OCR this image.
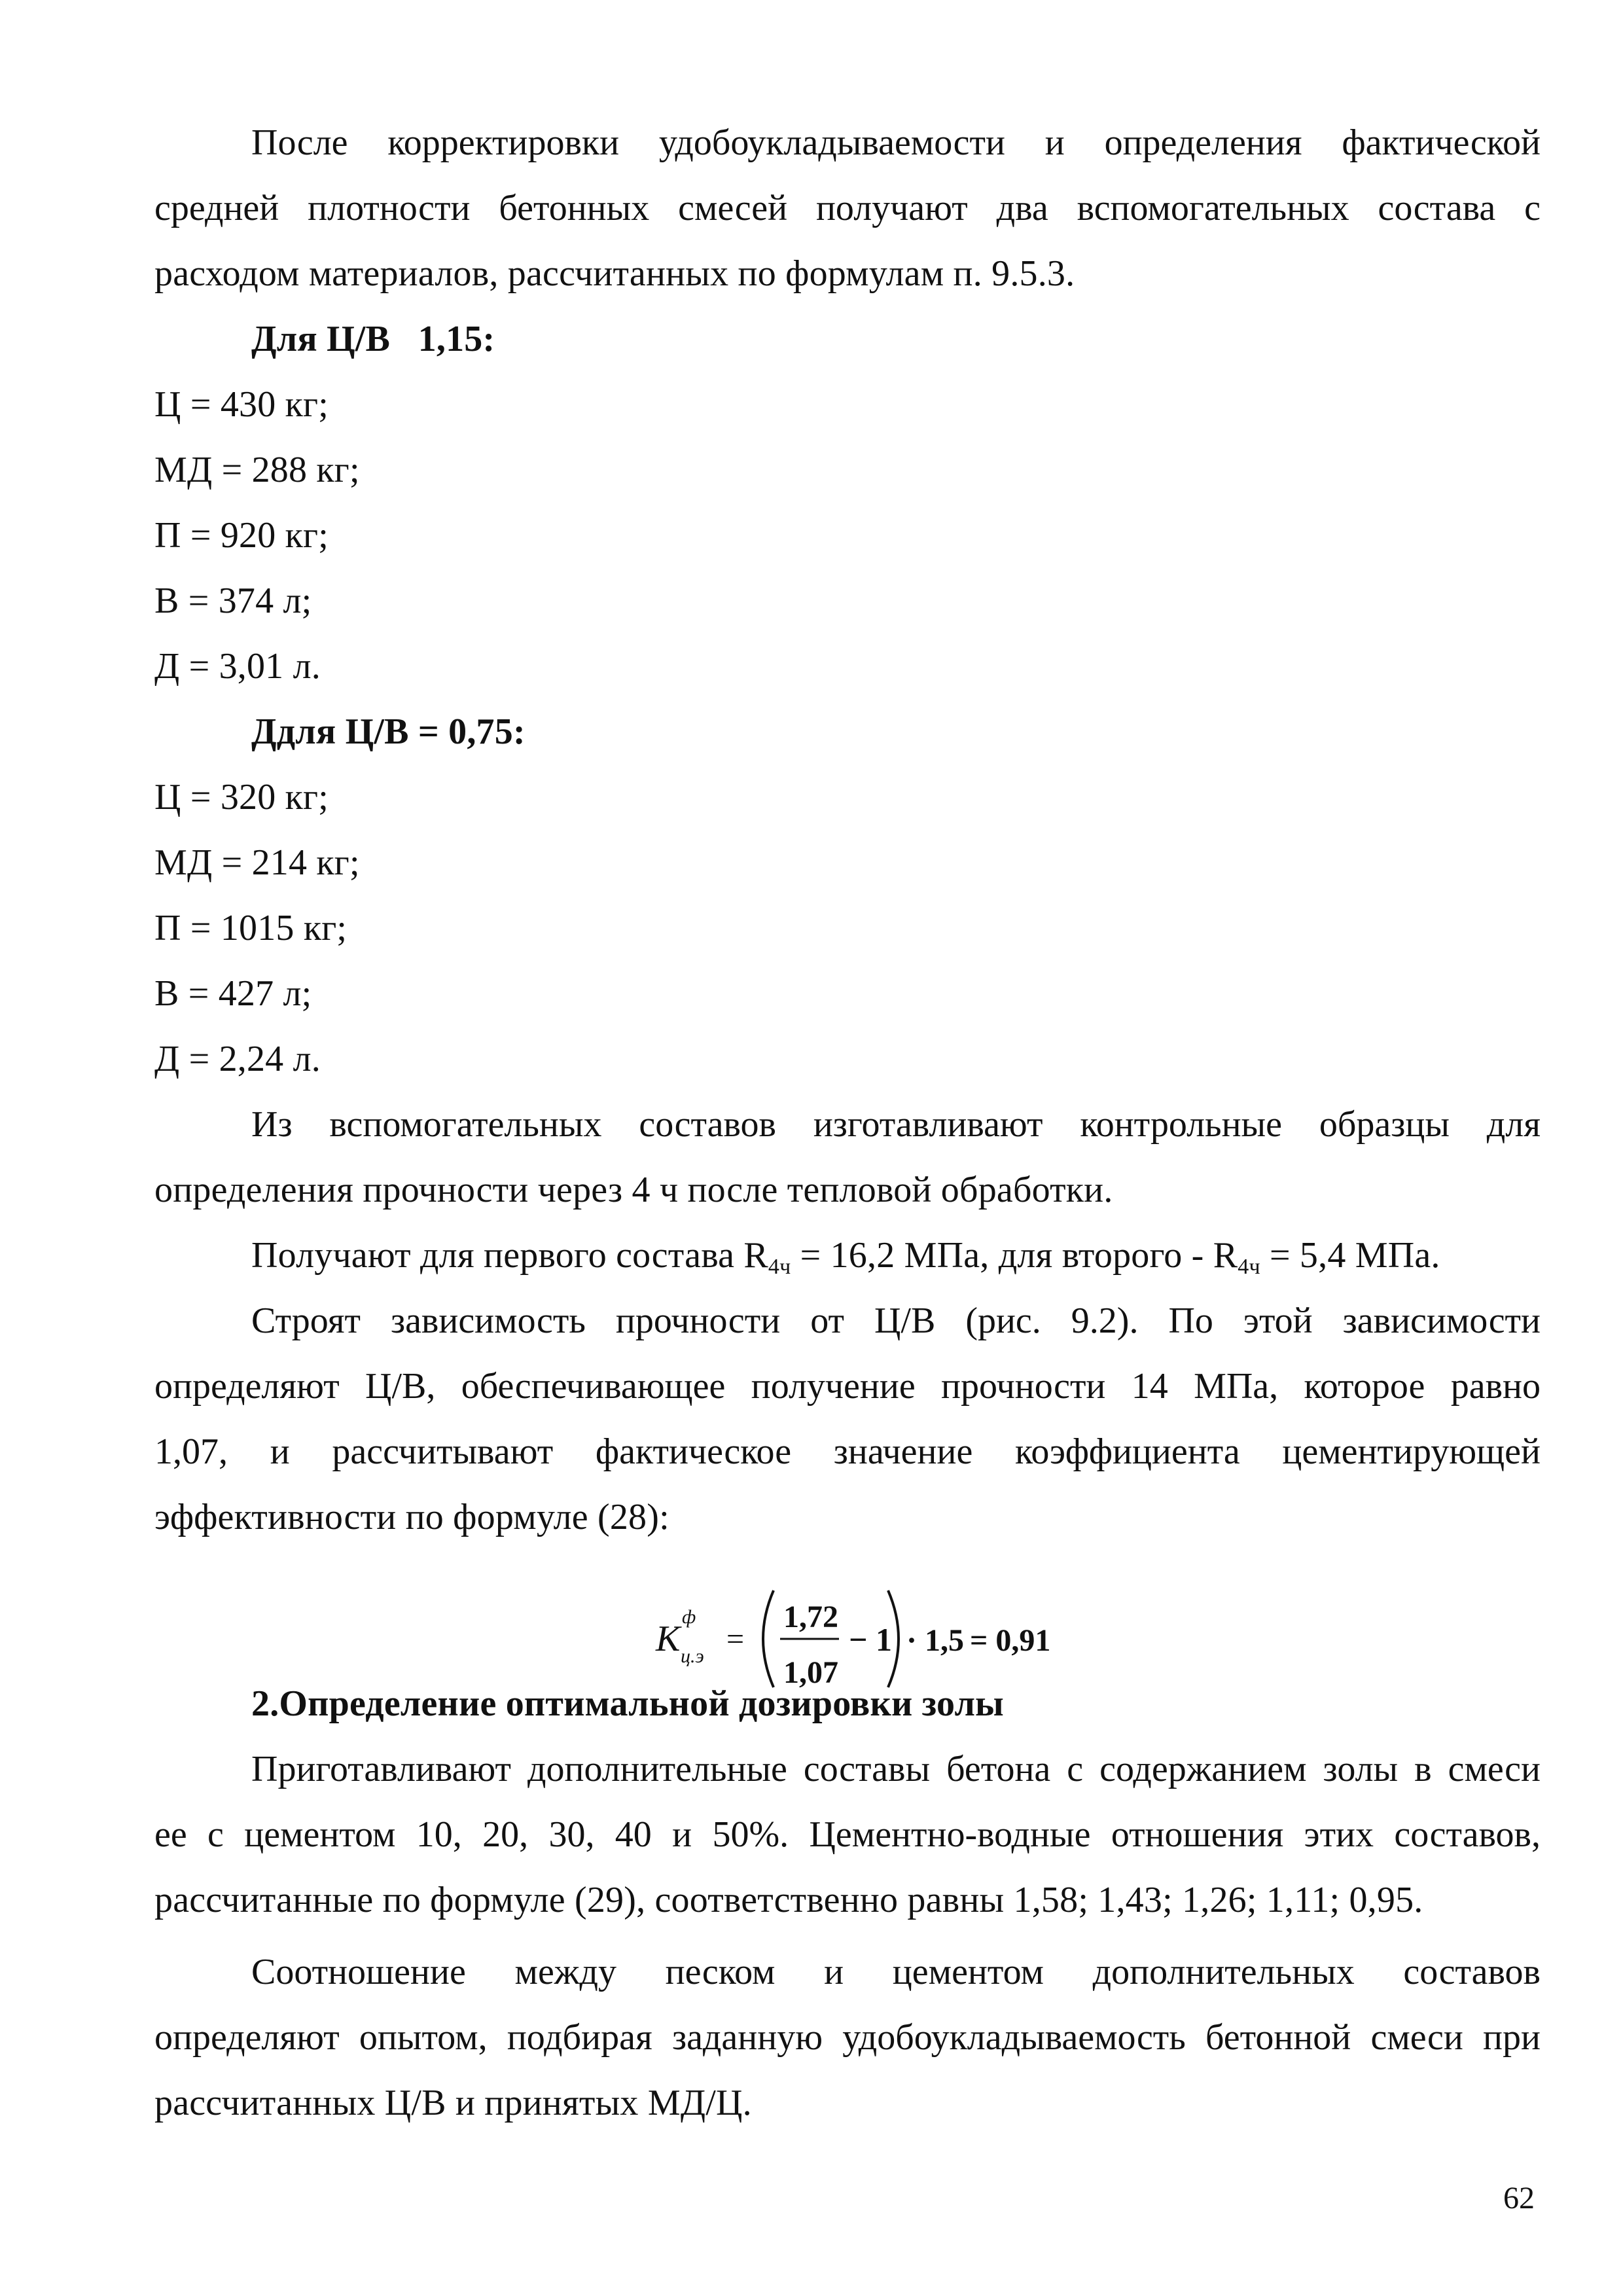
После корректировки удобоукладываемости и определения фактической

средней плотности бетонных смесей получают два вспомогательных состава с

расходом материалов, рассчитанных по формулам п. 9.5.3.

Для Ц/В   1,15:

Ц = 430 кг;

МД = 288 кг;

П = 920 кг;

В = 374 л;

Д = 3,01 л.

Ддля Ц/В = 0,75:

Ц = 320 кг;

МД = 214 кг;

П = 1015 кг;

В = 427 л;

Д = 2,24 л.

Из вспомогательных составов изготавливают контрольные образцы для

определения прочности через 4 ч после тепловой обработки.

Получают для первого состава $R_{4ч} = 16,2$ МПа, для второго - $R_{4ч} = 5,4$ МПа.

Строят зависимость прочности от Ц/В (рис. 9.2). По этой зависимости

определяют Ц/В, обеспечивающее получение прочности 14 МПа, которое равно

1,07, и рассчитывают фактическое значение коэффициента цементирующей

эффективности по формуле (28):

K
ф
ц.э =
1,72
1,07
− 1 · 1,5 = 0,91

2.Определение оптимальной дозировки золы

Приготавливают дополнительные составы бетона с содержанием золы в смеси

ее с цементом 10, 20, 30, 40 и 50%. Цементно-водные отношения этих составов,

рассчитанные по формуле (29), соответственно равны 1,58; 1,43; 1,26; 1,11; 0,95.

Соотношение между песком и цементом дополнительных составов

определяют опытом, подбирая заданную удобоукладываемость бетонной смеси при

рассчитанных Ц/В и принятых МД/Ц.

62
